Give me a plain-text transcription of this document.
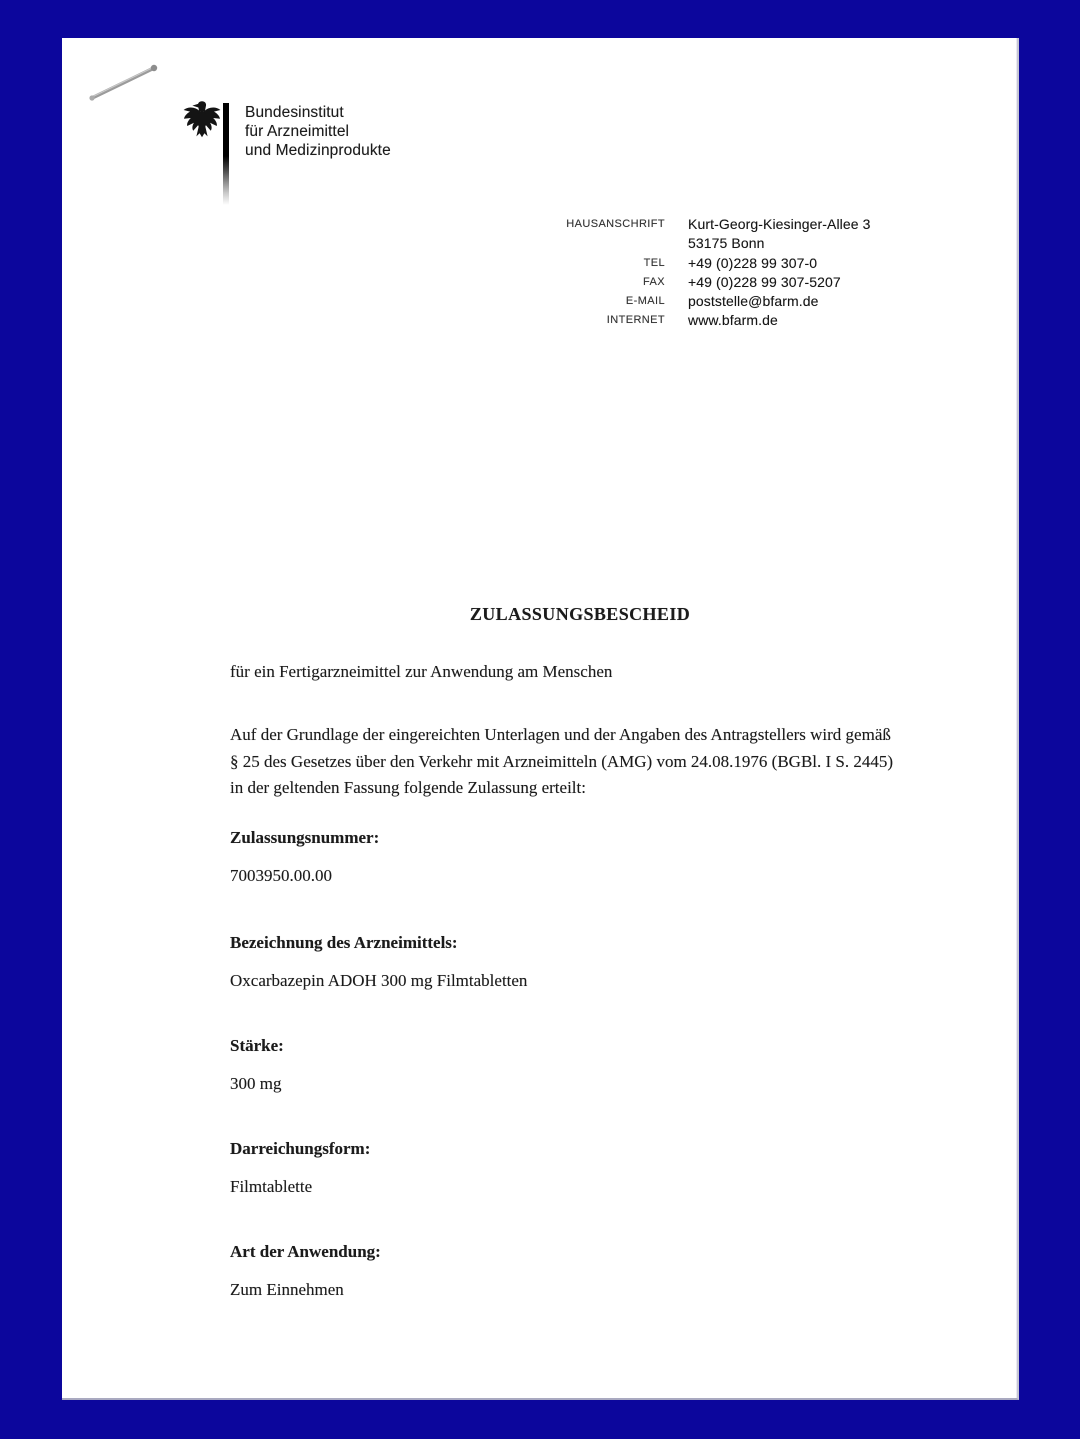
Bundesinstitut
für Arzneimittel
und Medizinprodukte
HAUSANSCHRIFT Kurt-Georg-Kiesinger-Allee 3
53175 Bonn
TEL +49 (0)228 99 307-0
FAX +49 (0)228 99 307-5207
E-MAIL poststelle@bfarm.de
INTERNET www.bfarm.de
ZULASSUNGSBESCHEID
für ein Fertigarzneimittel zur Anwendung am Menschen
Auf der Grundlage der eingereichten Unterlagen und der Angaben des Antragstellers wird gemäß
§ 25 des Gesetzes über den Verkehr mit Arzneimitteln (AMG) vom 24.08.1976 (BGBl. I S. 2445)
in der geltenden Fassung folgende Zulassung erteilt:
Zulassungsnummer:
7003950.00.00
Bezeichnung des Arzneimittels:
Oxcarbazepin ADOH 300 mg Filmtabletten
Stärke:
300 mg
Darreichungsform:
Filmtablette
Art der Anwendung:
Zum Einnehmen
